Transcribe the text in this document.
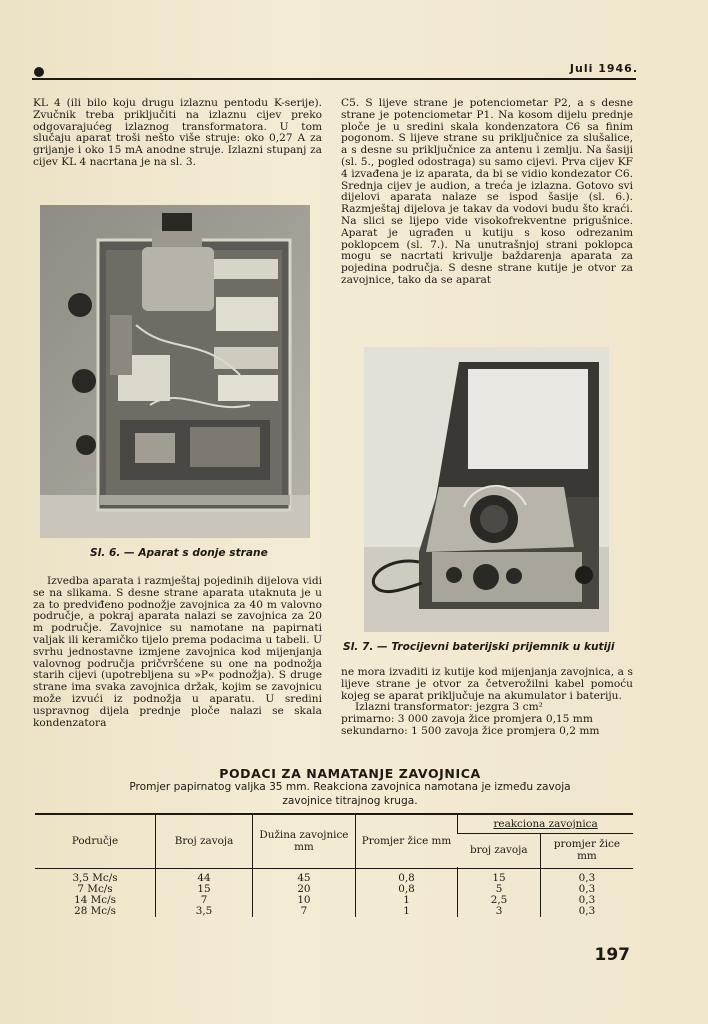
Juli 1946.

KL 4 (ili bilo koju drugu izlaznu pentodu K-serije). Zvučnik treba priključiti na izlaznu cijev preko odgovarajućeg izlaznog transformatora. U tom slučaju aparat troši nešto više struje: oko 0,27 A za grijanje i oko 15 mA anodne struje. Izlazni stupanj za cijev KL 4 nacrtana je na sl. 3.

Sl. 6. — Aparat s donje strane

Izvedba aparata i razmještaj pojedinih dijelova vidi se na slikama. S desne strane aparata utaknuta je u za to predviđeno podnožje zavojnica za 40 m valovno područje, a pokraj aparata nalazi se zavojnica za 20 m područje. Zavojnice su namotane na papirnati valjak ili keramičko tijelo prema podacima u tabeli. U svrhu jednostavne izmjene zavojnica kod mijenjanja valovnog područja pričvršćene su one na podnožja starih cijevi (upotrebljena su »P« podnožja). S druge strane ima svaka zavojnica držak, kojim se zavojnicu može izvući iz podnožja u aparatu. U sredini uspravnog dijela prednje ploče nalazi se skala kondenzatora

C5. S lijeve strane je potenciometar P2, a s desne strane je potenciometar P1. Na kosom dijelu prednje ploče je u sredini skala kondenzatora C6 sa finim pogonom. S lijeve strane su priključnice za slušalice, a s desne su priključnice za antenu i zemlju. Na šasiji (sl. 5., pogled odostraga) su samo cijevi. Prva cijev KF 4 izvađena je iz aparata, da bi se vidio kondezator C6. Srednja cijev je audion, a treća je izlazna. Gotovo svi dijelovi aparata nalaze se ispod šasije (sl. 6.). Razmještaj dijelova je takav da vodovi budu što kraći. Na slici se lijepo vide visokofrekventne prigušnice. Aparat je ugrađen u kutiju s koso odrezanim poklopcem (sl. 7.). Na unutrašnjoj strani poklopca mogu se nacrtati krivulje baždarenja aparata za pojedina područja. S desne strane kutije je otvor za zavojnice, tako da se aparat

Sl. 7. — Trocijevni baterijski prijemnik u kutiji

ne mora izvaditi iz kutije kod mijenjanja zavojnica, a s lijeve strane je otvor za četverožilni kabel pomoću kojeg se aparat priključuje na akumulator i bateriju.

Izlazni transformator: jezgra 3 cm²

primarno: 3 000 zavoja žice promjera 0,15 mm

sekundarno: 1 500 zavoja žice promjera 0,2 mm

PODACI ZA NAMATANJE ZAVOJNICA
Promjer papirnatog valjka 35 mm. Reakciona zavojnica namotana je između zavoja
zavojnice titrajnog kruga.
Područje	Broj zavoja	Dužina zavojnice mm	Promjer žice mm	reakciona zavojnica	
				broj zavoja	promjer žice mm
3,5 Mc/s	44	45	0,8	15	0,3
7 Mc/s	15	20	0,8	5	0,3
14 Mc/s	7	10	1	2,5	0,3
28 Mc/s	3,5	7	1	3	0,3
197
